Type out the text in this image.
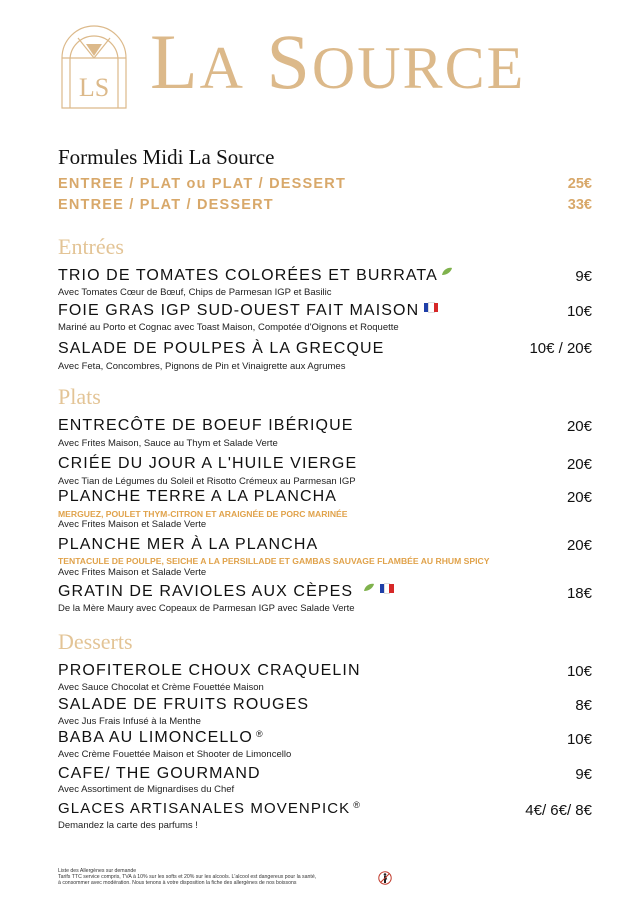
LS LA SOURCE
Formules Midi La Source
ENTREE / PLAT ou PLAT / DESSERT	25€
ENTREE / PLAT / DESSERT	33€
Entrées
TRIO DE TOMATES COLORÉES ET BURRATA	9€
Avec Tomates Cœur de Bœuf, Chips de Parmesan IGP et Basilic
FOIE GRAS IGP SUD-OUEST FAIT MAISON	10€
Mariné au Porto et Cognac avec Toast Maison, Compotée d'Oignons et Roquette
SALADE DE POULPES À LA GRECQUE	10€ / 20€
Avec Feta, Concombres, Pignons de Pin et Vinaigrette aux Agrumes
Plats
ENTRECÔTE DE BOEUF IBÉRIQUE	20€
Avec Frites Maison, Sauce au Thym et Salade Verte
CRIÉE DU JOUR A L'HUILE VIERGE	20€
Avec Tian de Légumes du Soleil et Risotto Crémeux au Parmesan IGP
PLANCHE TERRE A LA PLANCHA	20€
MERGUEZ, POULET THYM-CITRON ET ARAIGNÉE DE PORC MARINÉE
Avec Frites Maison et Salade Verte
PLANCHE MER À LA PLANCHA	20€
TENTACULE DE POULPE, SEICHE A LA PERSILLADE ET GAMBAS SAUVAGE FLAMBÉE AU RHUM SPICY
Avec Frites Maison et Salade Verte
GRATIN DE RAVIOLES AUX CÈPES	18€
De la Mère Maury avec Copeaux de Parmesan IGP avec Salade Verte
Desserts
PROFITEROLE CHOUX CRAQUELIN	10€
Avec Sauce Chocolat et Crème Fouettée Maison
SALADE DE FRUITS ROUGES	8€
Avec Jus Frais Infusé à la Menthe
BABA AU LIMONCELLO ®	10€
Avec Crème Fouettée Maison et Shooter de Limoncello
CAFE/ THE GOURMAND	9€
Avec Assortiment de Mignardises du Chef
GLACES ARTISANALES MOVENPICK ®	4€/ 6€/ 8€
Demandez la carte des parfums !
Liste des Allergènes sur demande
Tarifs TTC service compris, TVA à 10% sur les softs et 20% sur les alcools. L'alcool est dangereux pour la santé,
à consommer avec modération. Nous tenons à votre disposition la fiche des allergènes de nos boissons
